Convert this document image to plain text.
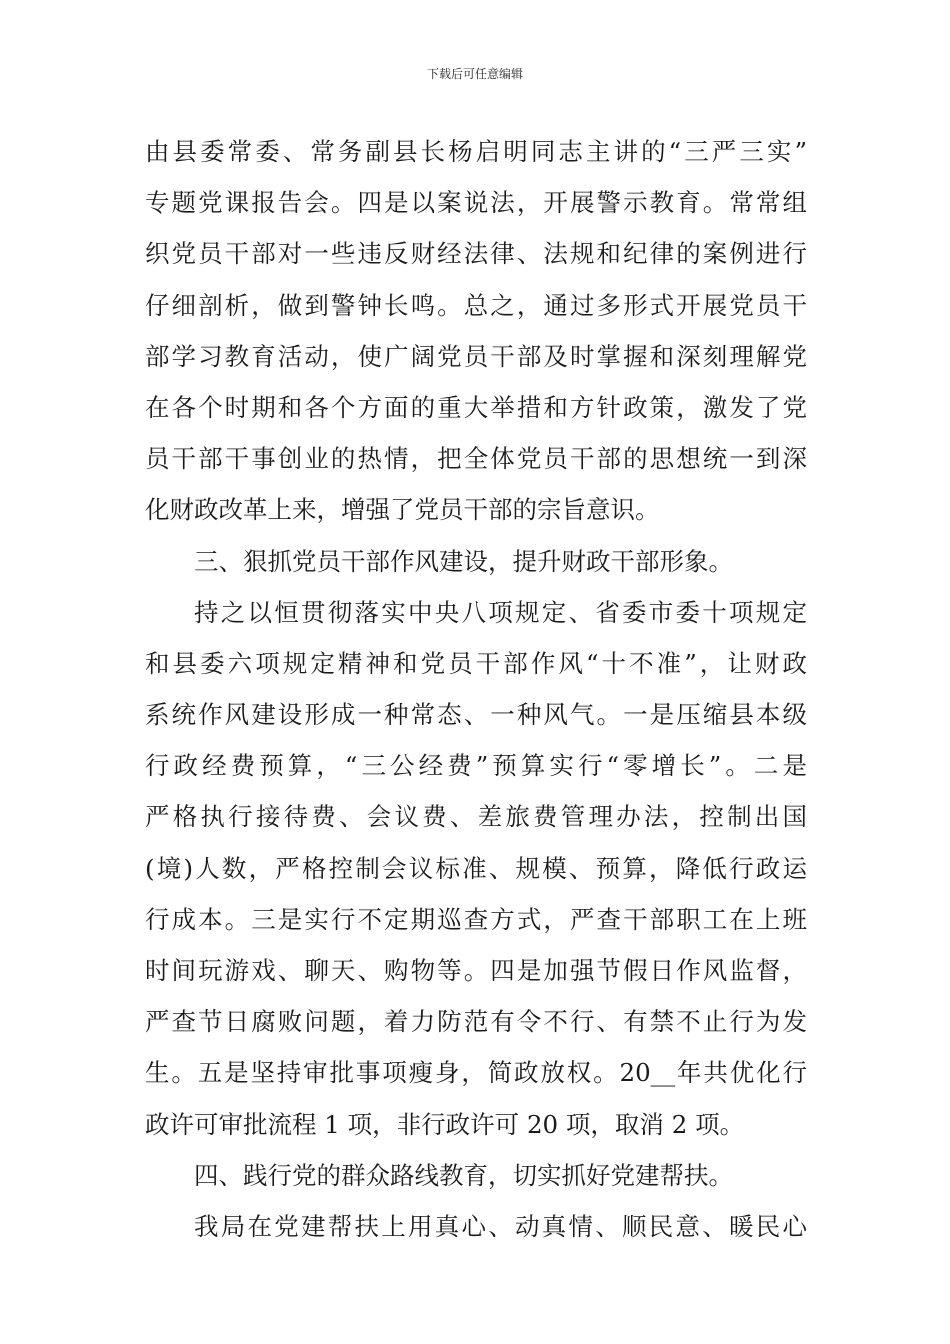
下载后可任意编辑
由县委常委、常务副县长杨启明同志主讲的“三严三实”
专题党课报告会。四是以案说法，开展警示教育。常常组
织党员干部对一些违反财经法律、法规和纪律的案例进行
仔细剖析，做到警钟长鸣。总之，通过多形式开展党员干
部学习教育活动，使广阔党员干部及时掌握和深刻理解党
在各个时期和各个方面的重大举措和方针政策，激发了党
员干部干事创业的热情，把全体党员干部的思想统一到深
化财政改革上来，增强了党员干部的宗旨意识。
三、狠抓党员干部作风建设，提升财政干部形象。
持之以恒贯彻落实中央八项规定、省委市委十项规定
和县委六项规定精神和党员干部作风“十不准”，让财政
系统作风建设形成一种常态、一种风气。一是压缩县本级
行政经费预算，“三公经费”预算实行“零增长”。二是
严格执行接待费、会议费、差旅费管理办法，控制出国
(境)人数，严格控制会议标准、规模、预算，降低行政运
行成本。三是实行不定期巡查方式，严查干部职工在上班
时间玩游戏、聊天、购物等。四是加强节假日作风监督，
严查节日腐败问题，着力防范有令不行、有禁不止行为发
生。五是坚持审批事项瘦身，简政放权。20__年共优化行
政许可审批流程 1 项，非行政许可 20 项，取消 2 项。
四、践行党的群众路线教育，切实抓好党建帮扶。
我局在党建帮扶上用真心、动真情、顺民意、暖民心
